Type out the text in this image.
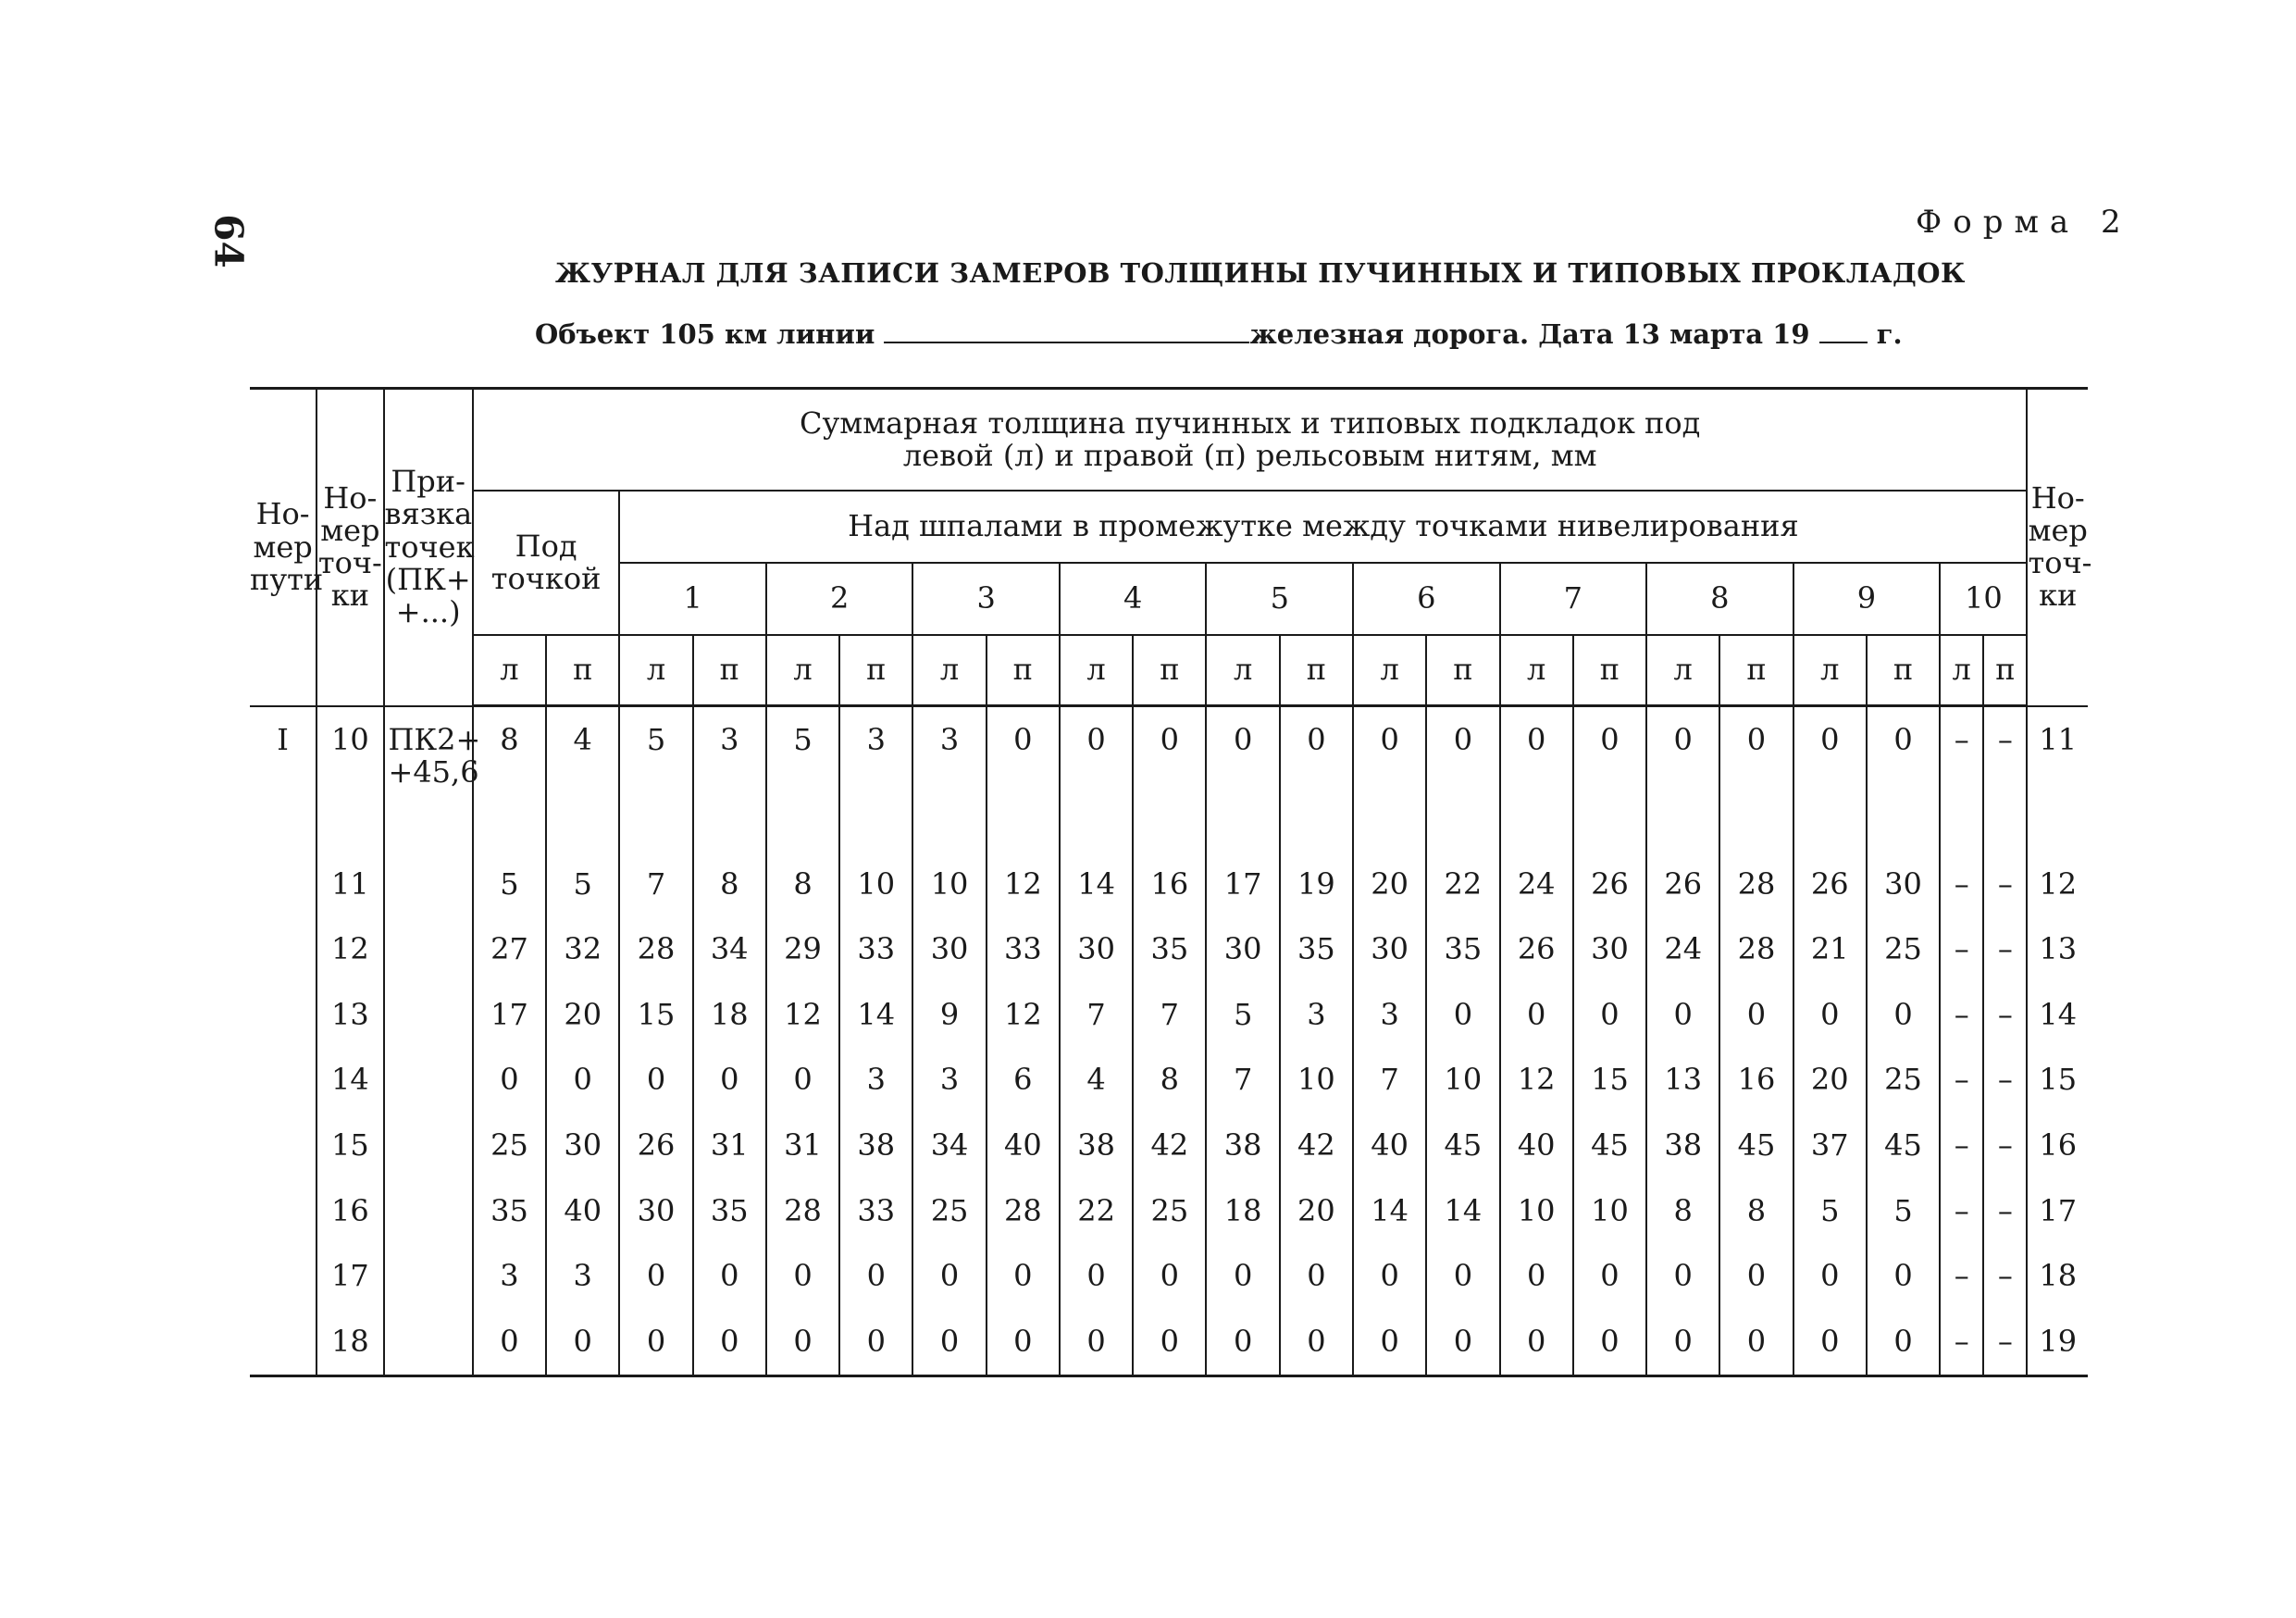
64	Форма 2
ЖУРНАЛ ДЛЯ ЗАПИСИ ЗАМЕРОВ ТОЛЩИНЫ ПУЧИННЫХ И ТИПОВЫХ ПРОКЛАДОК
Объект 105 км линии	железная дорога. Дата 13 марта 19  г.
Но-мер пути	Но-мер точ-ки	При-вязка точек (ПК+ +...)	Суммарная толщина пучинных и типовых подкладок под левой (л) и правой (п) рельсовым нитям, мм																						Но-мер точ-ки
			Под точкой		Над шпалами в промежутке между точками нивелирования																				
					1		2		3		4		5		6		7		8		9		10		
			л	п	л	п	л	п	л	п	л	п	л	п	л	п	л	п	л	п	л	п	л	п	
I	10	ПК2+ +45,6	8	4	5	3	5	3	3	0	0	0	0	0	0	0	0	0	0	0	0	0	–	–	11
	11		5	5	7	8	8	10	10	12	14	16	17	19	20	22	24	26	26	28	26	30	–	–	12
	12		27	32	28	34	29	33	30	33	30	35	30	35	30	35	26	30	24	28	21	25	–	–	13
	13		17	20	15	18	12	14	9	12	7	7	5	3	3	0	0	0	0	0	0	0	–	–	14
	14		0	0	0	0	0	3	3	6	4	8	7	10	7	10	12	15	13	16	20	25	–	–	15
	15		25	30	26	31	31	38	34	40	38	42	38	42	40	45	40	45	38	45	37	45	–	–	16
	16		35	40	30	35	28	33	25	28	22	25	18	20	14	14	10	10	8	8	5	5	–	–	17
	17		3	3	0	0	0	0	0	0	0	0	0	0	0	0	0	0	0	0	0	0	–	–	18
	18		0	0	0	0	0	0	0	0	0	0	0	0	0	0	0	0	0	0	0	0	–	–	19
